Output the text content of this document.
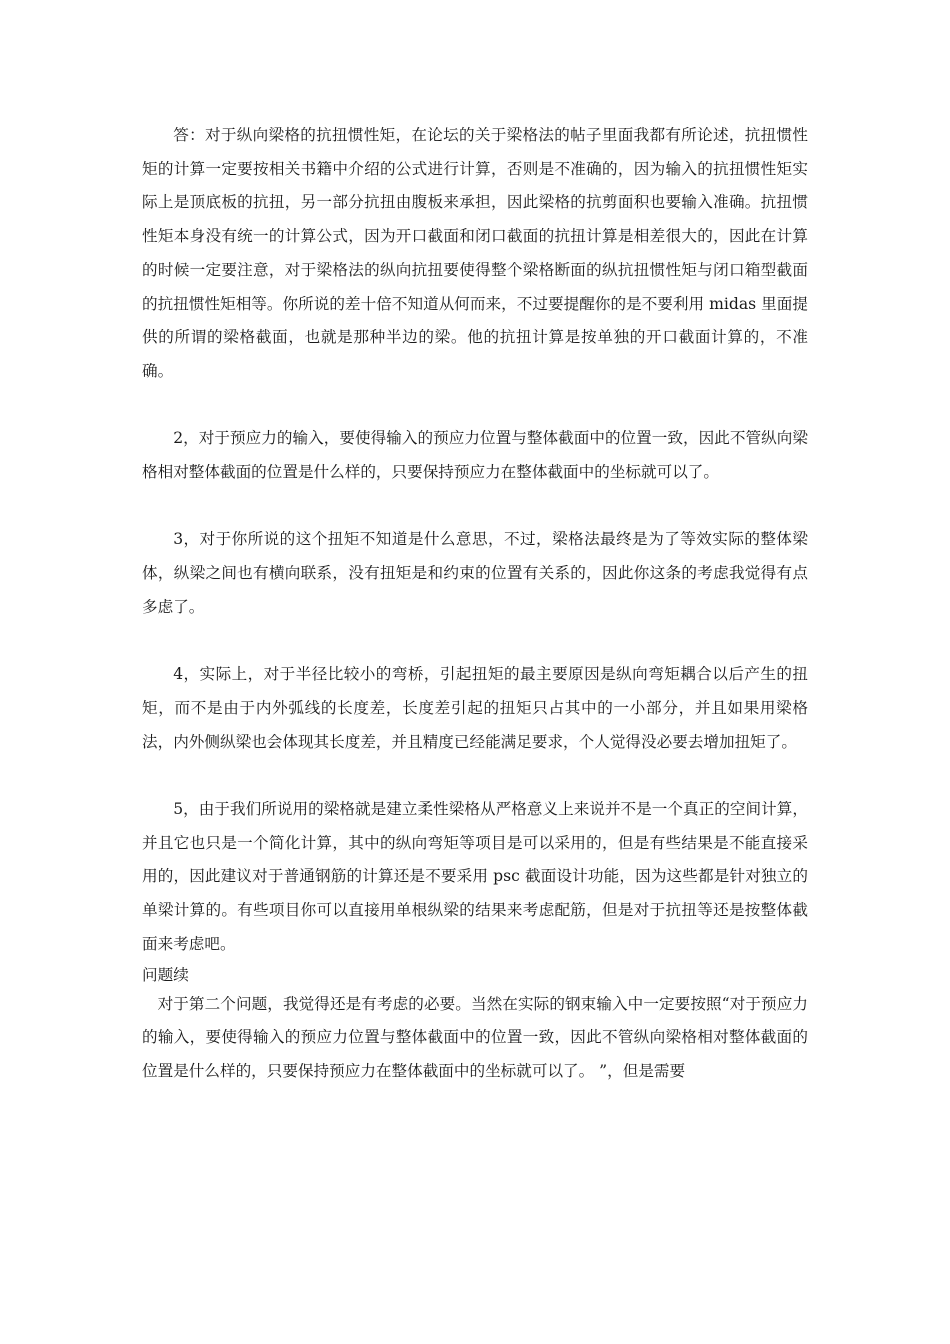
答：对于纵向梁格的抗扭惯性矩，在论坛的关于梁格法的帖子里面我都有所论述，抗扭惯性矩的计算一定要按相关书籍中介绍的公式进行计算，否则是不准确的，因为输入的抗扭惯性矩实际上是顶底板的抗扭，另一部分抗扭由腹板来承担，因此梁格的抗剪面积也要输入准确。抗扭惯性矩本身没有统一的计算公式，因为开口截面和闭口截面的抗扭计算是相差很大的，因此在计算的时候一定要注意，对于梁格法的纵向抗扭要使得整个梁格断面的纵抗扭惯性矩与闭口箱型截面的抗扭惯性矩相等。你所说的差十倍不知道从何而来，不过要提醒你的是不要利用 midas 里面提供的所谓的梁格截面，也就是那种半边的梁。他的抗扭计算是按单独的开口截面计算的，不准确。

2，对于预应力的输入，要使得输入的预应力位置与整体截面中的位置一致，因此不管纵向梁格相对整体截面的位置是什么样的，只要保持预应力在整体截面中的坐标就可以了。

3，对于你所说的这个扭矩不知道是什么意思，不过，梁格法最终是为了等效实际的整体梁体，纵梁之间也有横向联系，没有扭矩是和约束的位置有关系的，因此你这条的考虑我觉得有点多虑了。

4，实际上，对于半径比较小的弯桥，引起扭矩的最主要原因是纵向弯矩耦合以后产生的扭矩，而不是由于内外弧线的长度差，长度差引起的扭矩只占其中的一小部分，并且如果用梁格法，内外侧纵梁也会体现其长度差，并且精度已经能满足要求，个人觉得没必要去增加扭矩了。

5，由于我们所说用的梁格就是建立柔性梁格从严格意义上来说并不是一个真正的空间计算，并且它也只是一个简化计算，其中的纵向弯矩等项目是可以采用的，但是有些结果是不能直接采用的，因此建议对于普通钢筋的计算还是不要采用 psc 截面设计功能，因为这些都是针对独立的单梁计算的。有些项目你可以直接用单根纵梁的结果来考虑配筋，但是对于抗扭等还是按整体截面来考虑吧。

问题续

对于第二个问题，我觉得还是有考虑的必要。当然在实际的钢束输入中一定要按照“对于预应力的输入，要使得输入的预应力位置与整体截面中的位置一致，因此不管纵向梁格相对整体截面的位置是什么样的，只要保持预应力在整体截面中的坐标就可以了。 ”，但是需要
